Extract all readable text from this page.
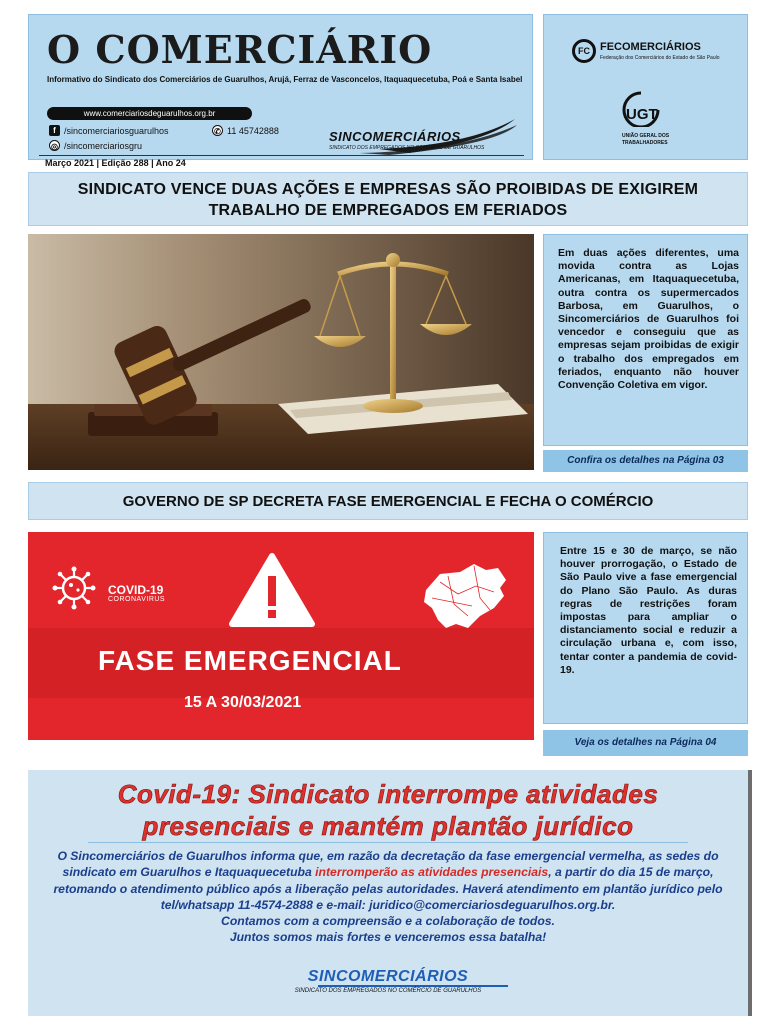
O COMERCIÁRIO
Informativo do Sindicato dos Comerciários de Guarulhos, Arujá, Ferraz de Vasconcelos, Itaquaquecetuba, Poá e Santa Isabel
www.comerciariosdeguarulhos.org.br
f /sincomerciariosguarulhos
◎ /sincomerciariosgru
✆ 11 45742888	SINCOMERCIÁRIOS
SINDICATO DOS EMPREGADOS NO COMÉRCIO DE GUARULHOS
Março 2021 | Edição 288 | Ano 24
FC FECOMERCIÁRIOS
Federação dos Comerciários do Estado de São Paulo
UGT
UNIÃO GERAL DOS
TRABALHADORES
SINDICATO VENCE DUAS AÇÕES E EMPRESAS SÃO PROIBIDAS DE EXIGIREM
TRABALHO DE EMPREGADOS EM FERIADOS
Em duas ações diferentes, uma movida contra as Lojas Americanas, em Itaquaquecetuba, outra contra os supermercados Barbosa, em Guarulhos, o Sincomerciários de Guarulhos foi vencedor e conseguiu que as empresas sejam proibidas de exigir o trabalho dos empregados em feriados, enquanto não houver Convenção Coletiva em vigor.
Confira os detalhes na Página 03
GOVERNO DE SP DECRETA FASE EMERGENCIAL E FECHA O COMÉRCIO
COVID-19
CORONAVIRUS
FASE EMERGENCIAL
15 A 30/03/2021
Entre 15 e 30 de março, se não houver prorrogação, o Estado de São Paulo vive a fase emergencial do Plano São Paulo. As duras regras de restrições foram impostas para ampliar o distanciamento social e reduzir a circulação urbana e, com isso, tentar conter a pandemia de covid-19.
Veja os detalhes na Página 04
Covid-19: Sindicato interrompe atividades
presenciais e mantém plantão jurídico
O Sincomerciários de Guarulhos informa que, em razão da decretação da fase emergencial vermelha, as sedes do sindicato em Guarulhos e Itaquaquecetuba interromperão as atividades presenciais, a partir do dia 15 de março, retomando o atendimento público após a liberação pelas autoridades. Haverá atendimento em plantão jurídico pelo tel/whatsapp 11-4574-2888 e e-mail: juridico@comerciariosdeguarulhos.org.br.
Contamos com a compreensão e a colaboração de todos.
Juntos somos mais fortes e venceremos essa batalha!
SINCOMERCIÁRIOS
SINDICATO DOS EMPREGADOS NO COMÉRCIO DE GUARULHOS
